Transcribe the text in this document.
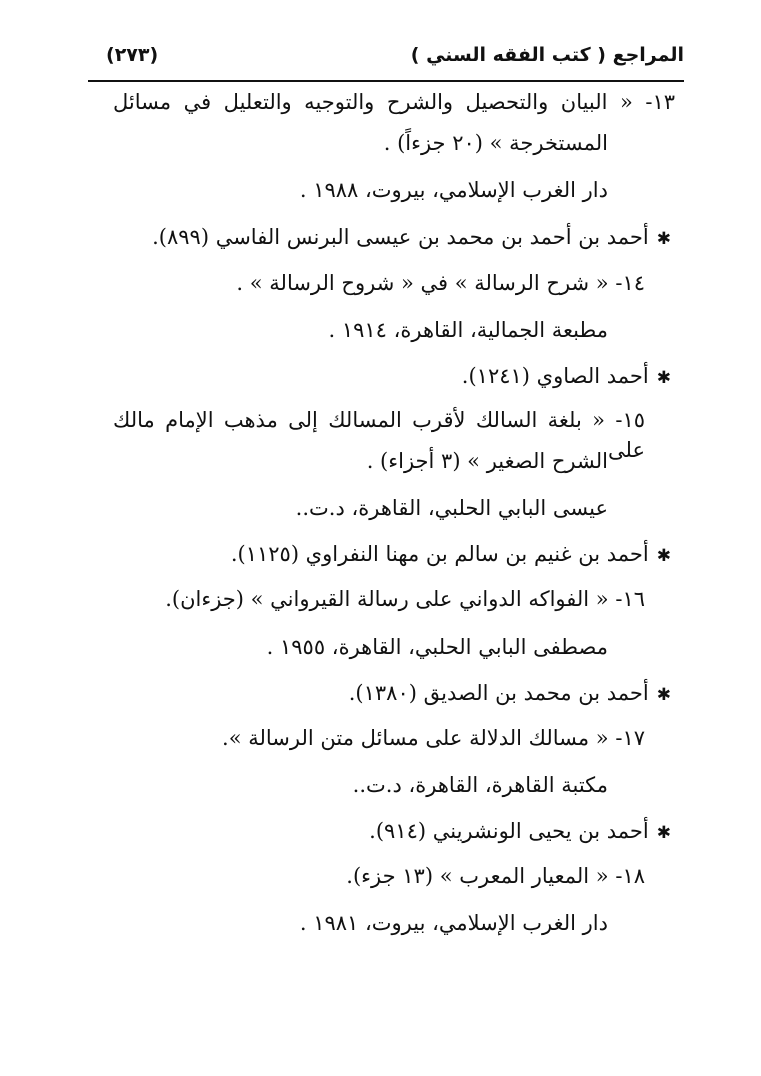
المراجع ( كتب الفقه السني )
(٢٧٣)
١٣- « البيان والتحصيل والشرح والتوجيه والتعليل في مسائل
المستخرجة » (٢٠ جزءاً) .
دار الغرب الإسلامي، بيروت، ١٩٨٨ .
✱أحمد بن أحمد بن محمد بن عيسى البرنس الفاسي (٨٩٩).
١٤- « شرح الرسالة » في « شروح الرسالة » .
مطبعة الجمالية، القاهرة، ١٩١٤ .
✱أحمد الصاوي (١٢٤١).
١٥- « بلغة السالك لأقرب المسالك إلى مذهب الإمام مالك على
الشرح الصغير » (٣ أجزاء) .
عيسى البابي الحلبي، القاهرة، د.ت..
✱أحمد بن غنيم بن سالم بن مهنا النفراوي (١١٢٥).
١٦- « الفواكه الدواني على رسالة القيرواني » (جزءان).
مصطفى البابي الحلبي، القاهرة، ١٩٥٥ .
✱أحمد بن محمد بن الصديق (١٣٨٠).
١٧- « مسالك الدلالة على مسائل متن الرسالة ».
مكتبة القاهرة، القاهرة، د.ت..
✱أحمد بن يحيى الونشريني (٩١٤).
١٨- « المعيار المعرب » (١٣ جزء).
دار الغرب الإسلامي، بيروت، ١٩٨١ .
